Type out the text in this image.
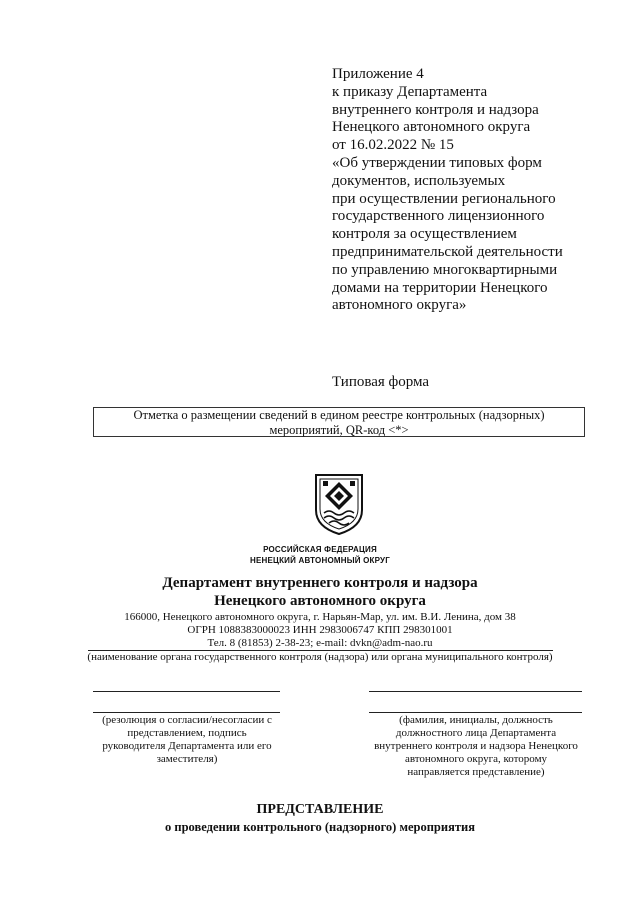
Приложение 4
к приказу Департамента
внутреннего контроля и надзора
Ненецкого автономного округа
от 16.02.2022 № 15
«Об утверждении типовых форм
документов, используемых
при осуществлении регионального
государственного лицензионного
контроля за осуществлением
предпринимательской деятельности
по управлению многоквартирными
домами на территории Ненецкого
автономного округа»
Типовая форма
Отметка о размещении сведений в едином реестре контрольных (надзорных)
мероприятий, QR-код <*>
РОССИЙСКАЯ ФЕДЕРАЦИЯ
НЕНЕЦКИЙ АВТОНОМНЫЙ ОКРУГ
Департамент внутреннего контроля и надзора
Ненецкого автономного округа
166000, Ненецкого автономного округа, г. Нарьян-Мар, ул. им. В.И. Ленина, дом 38
ОГРН 1088383000023 ИНН 2983006747 КПП 298301001
Тел. 8 (81853) 2-38-23; e-mail: dvkn@adm-nao.ru
(наименование органа государственного контроля (надзора) или органа муниципального контроля)
(резолюция о согласии/несогласии с
представлением, подпись
руководителя Департамента или его
заместителя)
(фамилия, инициалы, должность
должностного лица Департамента
внутреннего контроля и надзора Ненецкого
автономного округа, которому
направляется представление)
ПРЕДСТАВЛЕНИЕ
о проведении контрольного (надзорного) мероприятия
